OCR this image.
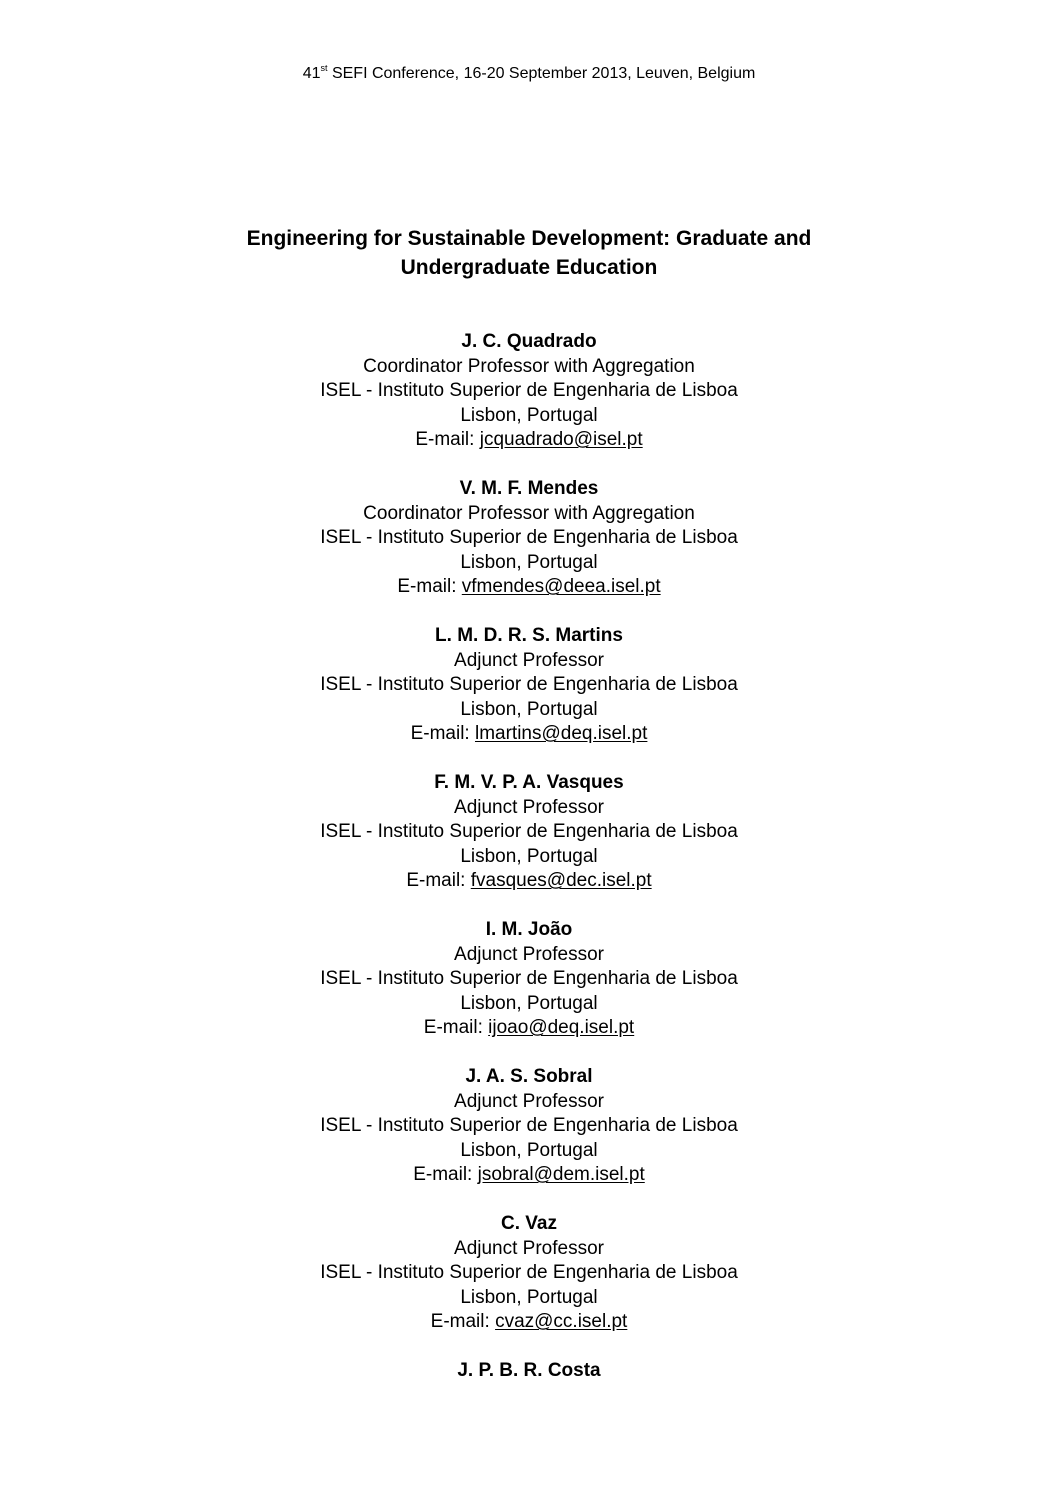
41st SEFI Conference, 16-20 September 2013, Leuven, Belgium
Engineering for Sustainable Development: Graduate and
Undergraduate Education
J. C. Quadrado
Coordinator Professor with Aggregation
ISEL - Instituto Superior de Engenharia de Lisboa
Lisbon, Portugal
E-mail: jcquadrado@isel.pt
V. M. F. Mendes
Coordinator Professor with Aggregation
ISEL - Instituto Superior de Engenharia de Lisboa
Lisbon, Portugal
E-mail: vfmendes@deea.isel.pt
L. M. D. R. S. Martins
Adjunct Professor
ISEL - Instituto Superior de Engenharia de Lisboa
Lisbon, Portugal
E-mail: lmartins@deq.isel.pt
F. M. V. P. A. Vasques
Adjunct Professor
ISEL - Instituto Superior de Engenharia de Lisboa
Lisbon, Portugal
E-mail: fvasques@dec.isel.pt
I. M. João
Adjunct Professor
ISEL - Instituto Superior de Engenharia de Lisboa
Lisbon, Portugal
E-mail: ijoao@deq.isel.pt
J. A. S. Sobral
Adjunct Professor
ISEL - Instituto Superior de Engenharia de Lisboa
Lisbon, Portugal
E-mail: jsobral@dem.isel.pt
C. Vaz
Adjunct Professor
ISEL - Instituto Superior de Engenharia de Lisboa
Lisbon, Portugal
E-mail: cvaz@cc.isel.pt
J. P. B. R. Costa
